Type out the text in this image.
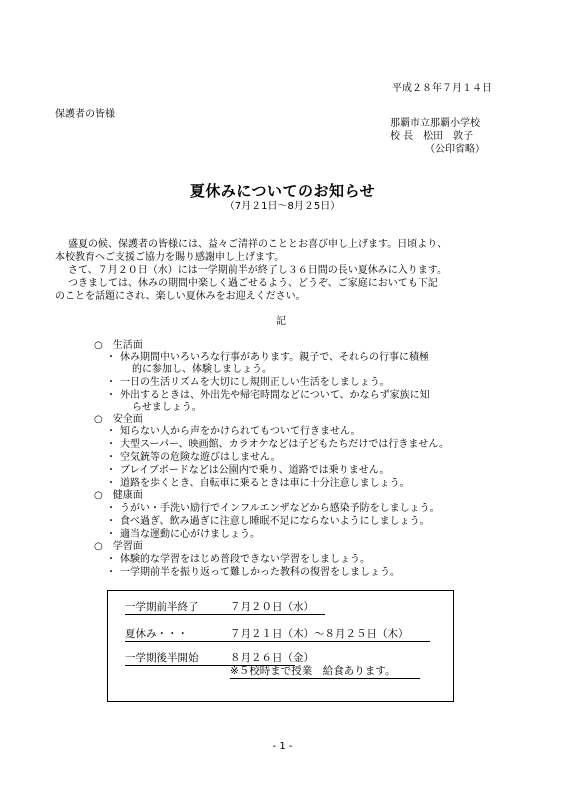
平成２８年７月１４日
保護者の皆様
那覇市立那覇小学校
校 長　松田　敦子
（公印省略）
夏休みについてのお知らせ
（7月２1日～8月２5日）
盛夏の候、保護者の皆様には、益々ご清祥のこととお喜び申し上げます。日頃より、
本校教育へご支援ご協力を賜り感謝申し上げます。
さて、７月２０日（水）には一学期前半が終了し３６日間の長い夏休みに入ります。
つきましては、休みの期間中楽しく過ごせるよう、どうぞ、ご家庭においても下記
のことを話題にされ、楽しい夏休みをお迎えください。
記
○　生活面
・ 休み期間中いろいろな行事があります。親子で、それらの行事に積極
的に参加し、体験しましょう。
・ 一日の生活リズムを大切にし規則正しい生活をしましょう。
・ 外出するときは、外出先や帰宅時間などについて、かならず家族に知
らせましょう。
○　安全面
・ 知らない人から声をかけられてもついて行きません。
・ 大型スーパー、映画館、カラオケなどは子どもたちだけでは行きません。
・ 空気銃等の危険な遊びはしません。
・ ブレイブボードなどは公園内で乗り、道路では乗りません。
・ 道路を歩くとき、自転車に乗るときは車に十分注意しましょう。
○　健康面
・ うがい・手洗い励行でインフルエンザなどから感染予防をしましょう。
・ 食べ過ぎ、飲み過ぎに注意し睡眠不足にならないようにしましょう。
・ 適当な運動に心がけましょう。
○　学習面
・ 体験的な学習をはじめ普段できない学習をしましょう。
・ 一学期前半を振り返って難しかった教科の復習をしましょう。
一学期前半終了	７月２０日（水）
夏休み・・・	７月２１日（木）～８月２５日（木）
一学期後半開始	８月２６日（金）
※５校時まで授業　給食あります。
- 1 -
